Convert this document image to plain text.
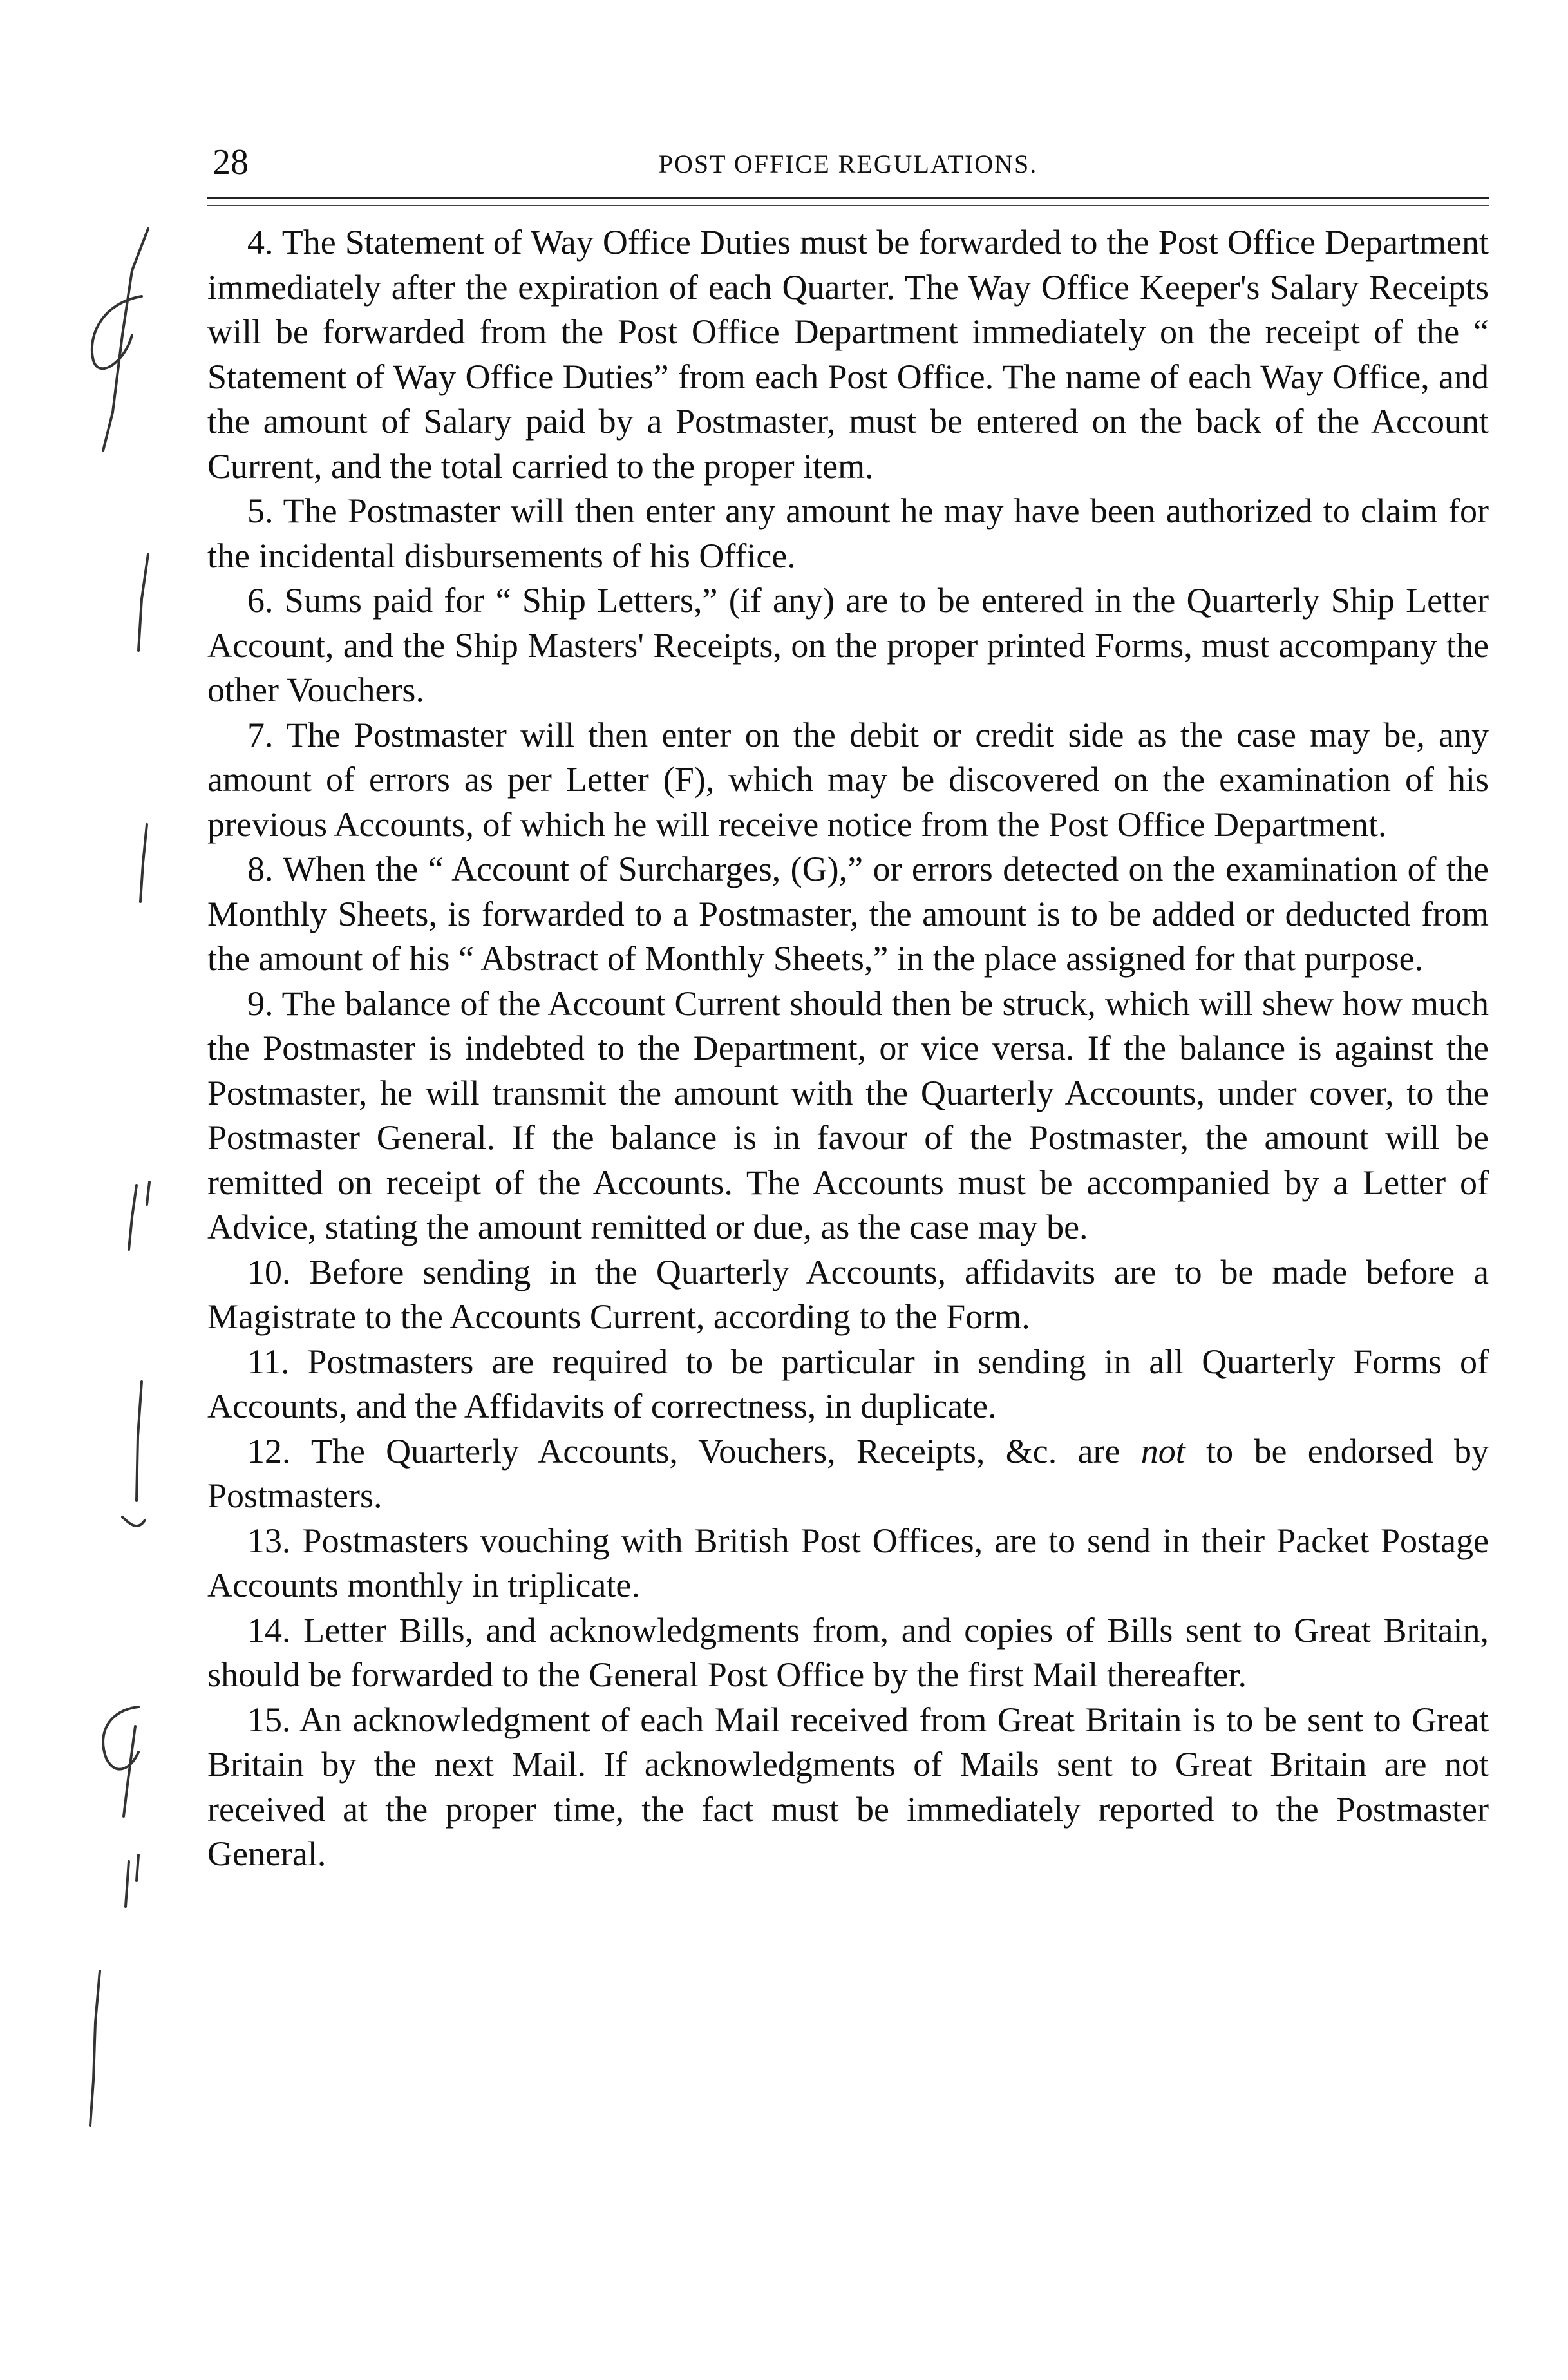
28	POST OFFICE REGULATIONS.

4. The Statement of Way Office Duties must be forwarded to the Post Office Department immediately after the expiration of each Quarter. The Way Office Keeper's Salary Receipts will be forwarded from the Post Office Department immediately on the receipt of the “ Statement of Way Office Duties” from each Post Office. The name of each Way Office, and the amount of Salary paid by a Postmaster, must be entered on the back of the Account Current, and the total carried to the proper item.

5. The Postmaster will then enter any amount he may have been authorized to claim for the incidental disbursements of his Office.

6. Sums paid for “ Ship Letters,” (if any) are to be entered in the Quarterly Ship Letter Account, and the Ship Masters' Receipts, on the proper printed Forms, must accompany the other Vouchers.

7. The Postmaster will then enter on the debit or credit side as the case may be, any amount of errors as per Letter (F), which may be discovered on the examination of his previous Accounts, of which he will receive notice from the Post Office Department.

8. When the “ Account of Surcharges, (G),” or errors detected on the examination of the Monthly Sheets, is forwarded to a Postmaster, the amount is to be added or deducted from the amount of his “ Abstract of Monthly Sheets,” in the place assigned for that purpose.

9. The balance of the Account Current should then be struck, which will shew how much the Postmaster is indebted to the Department, or vice versa. If the balance is against the Postmaster, he will transmit the amount with the Quarterly Accounts, under cover, to the Postmaster General. If the balance is in favour of the Postmaster, the amount will be remitted on receipt of the Accounts. The Accounts must be accompanied by a Letter of Advice, stating the amount remitted or due, as the case may be.

10. Before sending in the Quarterly Accounts, affidavits are to be made before a Magistrate to the Accounts Current, according to the Form.

11. Postmasters are required to be particular in sending in all Quarterly Forms of Accounts, and the Affidavits of correctness, in duplicate.

12. The Quarterly Accounts, Vouchers, Receipts, &c. are not to be endorsed by Postmasters.

13. Postmasters vouching with British Post Offices, are to send in their Packet Postage Accounts monthly in triplicate.

14. Letter Bills, and acknowledgments from, and copies of Bills sent to Great Britain, should be forwarded to the General Post Office by the first Mail thereafter.

15. An acknowledgment of each Mail received from Great Britain is to be sent to Great Britain by the next Mail. If acknowledgments of Mails sent to Great Britain are not received at the proper time, the fact must be immediately reported to the Postmaster General.
